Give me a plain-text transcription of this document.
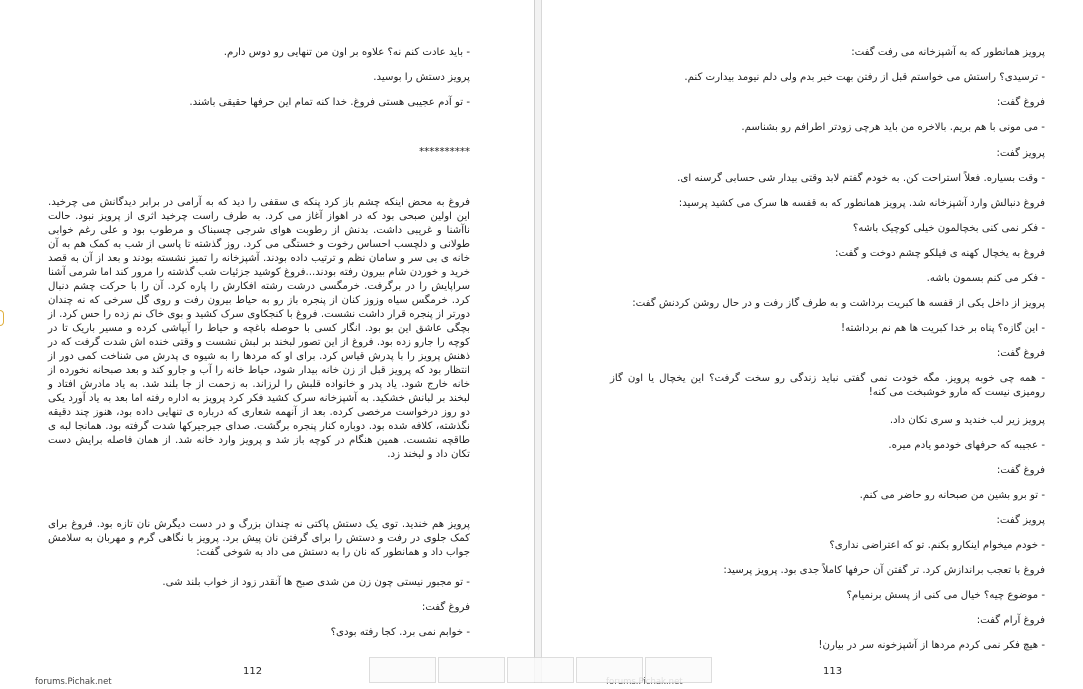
- باید عادت کنم نه؟ علاوه بر اون من تنهایی رو دوس دارم.
پرویز دستش را بوسید.
- تو آدم عجیبی هستی فروغ. خدا کنه تمام این حرفها حقیقی باشند.
**********
فروغ به محض اینکه چشم باز کرد پنکه ی سقفی را دید که به آرامی در برابر دیدگانش می چرخید. این اولین صبحی بود که در اهواز آغاز می کرد. به طرف راست چرخید اثری از پرویز نبود. حالت ناآشنا و غریبی داشت. بدنش از رطوبت هوای شرجی چسبناک و مرطوب بود و علی رغم خوابی طولانی و دلچسب احساس رخوت و خستگی می کرد. روز گذشته تا پاسی از شب به کمک هم به آن خانه ی بی سر و سامان نظم و ترتیب داده بودند. آشپزخانه را تمیز نشسته بودند و بعد از آن به قصد خرید و خوردن شام بیرون رفته بودند...فروغ کوشید جزئیات شب گذشته را مرور کند اما شرمی آشنا سراپایش را در برگرفت. خرمگسی درشت رشته افکارش را پاره کرد. آن را با حرکت چشم دنبال کرد. خرمگس سیاه وزوز کنان از پنجره باز رو به حیاط بیرون رفت و روی گل سرخی که نه چندان دورتر از پنجره قرار داشت نشست. فروغ با کنجکاوی سرک کشید و بوی خاک نم زده را حس کرد. از بچگی عاشق این بو بود. انگار کسی با حوصله باغچه و حیاط را آبپاشی کرده و مسیر باریک تا در کوچه را جارو زده بود. فروغ از این تصور لبخند بر لبش نشست و وقتی خنده اش شدت گرفت که در ذهنش پرویز را با پدرش قیاس کرد. برای او که مردها را به شیوه ی پدرش می شناخت کمی دور از انتظار بود که پرویز قبل از زن خانه بیدار شود، حیاط خانه را آب و جارو کند و بعد صبحانه نخورده از خانه خارج شود. یاد پدر و خانواده قلبش را لرزاند. به زحمت از جا بلند شد. به یاد مادرش افتاد و لبخند بر لبانش خشکید. به آشپزخانه سرک کشید فکر کرد پرویز به اداره رفته اما بعد به یاد آورد یکی دو روز درخواست مرخصی کرده. بعد از آنهمه شعاری که درباره ی تنهایی داده بود، هنوز چند دقیقه نگذشته، کلافه شده بود. دوباره کنار پنجره برگشت. صدای جیرجیرکها شدت گرفته بود. همانجا لبه ی طاقچه نشست. همین هنگام در کوچه باز شد و پرویز وارد خانه شد. از همان فاصله برایش دست تکان داد و لبخند زد.
پرویز هم خندید. توی یک دستش پاکتی نه چندان بزرگ و در دست دیگرش نان تازه بود. فروغ برای کمک جلوی در رفت و دستش را برای گرفتن نان پیش برد. پرویز با نگاهی گرم و مهربان به سلامش جواب داد و همانطور که نان را به دستش می داد به شوخی گفت:
- تو مجبور نیستی چون زن من شدی صبح ها آنقدر زود از خواب بلند شی.
فروغ گفت:
- خوابم نمی برد. کجا رفته بودی؟
112
forums.Pichak.net
پرویز همانطور که به آشپزخانه می رفت گفت:
- ترسیدی؟ راستش می خواستم قبل از رفتن بهت خبر بدم ولی دلم نیومد بیدارت کنم.
فروغ گفت:
- می مونی با هم بریم. بالاخره من باید هرچی زودتر اطرافم رو بشناسم.
پرویز گفت:
- وقت بسیاره. فعلاً استراحت کن. به خودم گفتم لابد وقتی بیدار شی حسابی گرسنه ای.
فروغ دنبالش وارد آشپزخانه شد. پرویز همانطور که به قفسه ها سرک می کشید پرسید:
- فکر نمی کنی بخچالمون خیلی کوچیک باشه؟
فروغ به یخچال کهنه ی فیلکو چشم دوخت و گفت:
- فکر می کنم بسمون باشه.
پرویز از داخل یکی از قفسه ها کبریت برداشت و به طرف گاز رفت و در حال روشن کردنش گفت:
- این گازه؟ پناه بر خدا کبریت ها هم نم برداشته!
فروغ گفت:
- همه چی خوبه پرویز. مگه خودت نمی گفتی نباید زندگی رو سخت گرفت؟ این یخچال یا اون گاز رومیزی نیست که مارو خوشبخت می کنه!
پرویز زیر لب خندید و سری تکان داد.
- عجیبه که حرفهای خودمو یادم میره.
فروغ گفت:
- تو برو بشین من صبحانه رو حاضر می کنم.
پرویز گفت:
- خودم میخوام اینکارو بکنم. تو که اعتراضی نداری؟
فروغ با تعجب براندازش کرد. تر گفتن آن حرفها کاملاً جدی بود. پرویز پرسید:
- موضوع چیه؟ خیال می کنی از پسش برنمیام؟
فروغ آرام گفت:
- هیچ فکر نمی کردم مردها از آشپزخونه سر در بیارن!
113
